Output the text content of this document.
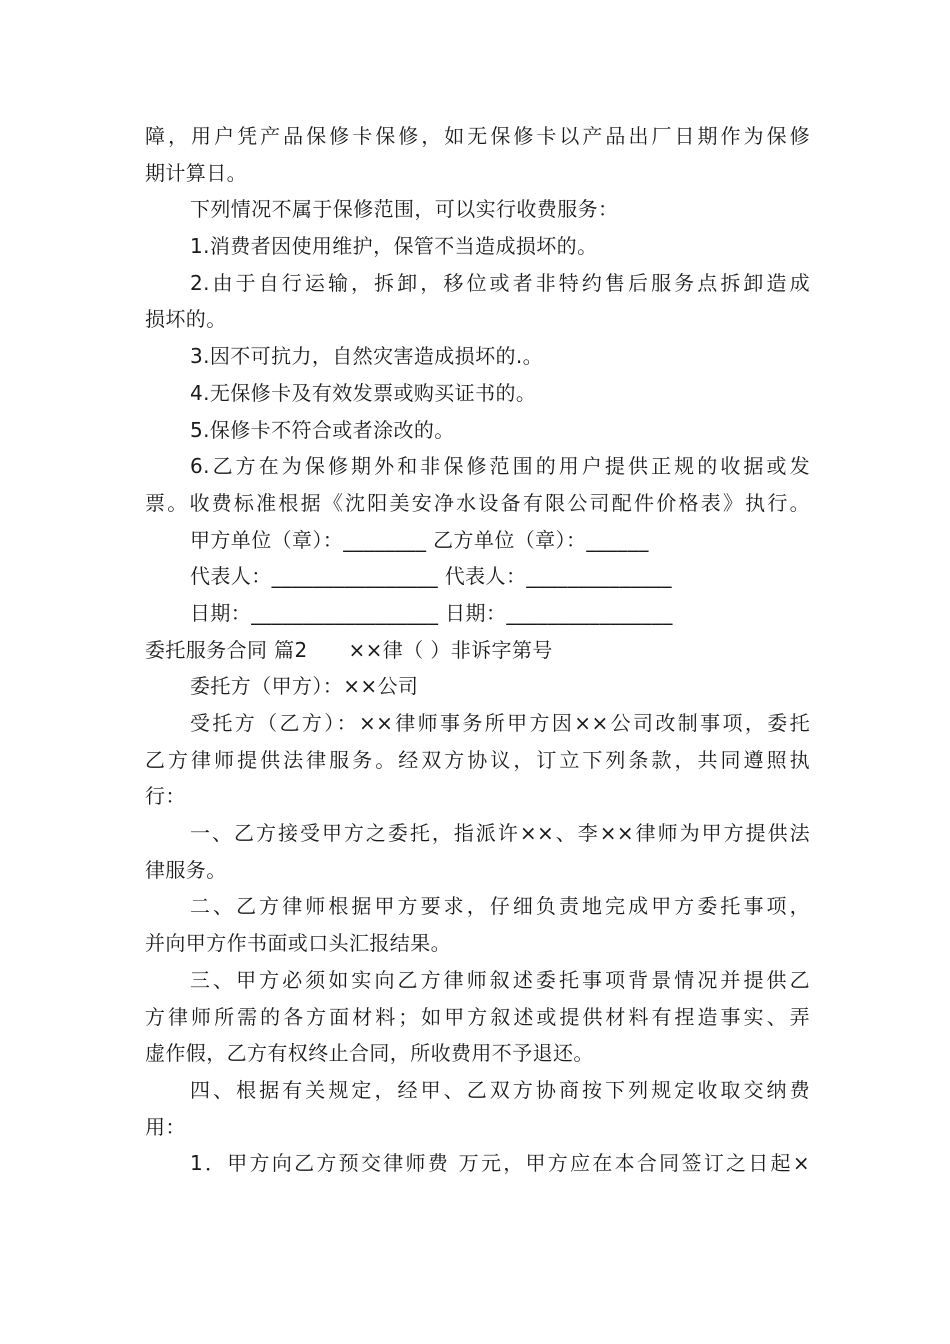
障，用户凭产品保修卡保修，如无保修卡以产品出厂日期作为保修
期计算日。
下列情况不属于保修范围，可以实行收费服务：
1.消费者因使用维护，保管不当造成损坏的。
2.由于自行运输，拆卸，移位或者非特约售后服务点拆卸造成
损坏的。
3.因不可抗力，自然灾害造成损坏的.。
4.无保修卡及有效发票或购买证书的。
5.保修卡不符合或者涂改的。
6.乙方在为保修期外和非保修范围的用户提供正规的收据或发
票。收费标准根据《沈阳美安净水设备有限公司配件价格表》执行。
甲方单位（章）：________ 乙方单位（章）：______
代表人：________________ 代表人：______________
日期：__________________ 日期：________________
委托服务合同 篇2　　××律（ ）非诉字第号
委托方（甲方）：××公司
受托方（乙方）：××律师事务所甲方因××公司改制事项，委托
乙方律师提供法律服务。经双方协议，订立下列条款，共同遵照执
行：
一、乙方接受甲方之委托，指派许××、李××律师为甲方提供法
律服务。
二、乙方律师根据甲方要求，仔细负责地完成甲方委托事项，
并向甲方作书面或口头汇报结果。
三、甲方必须如实向乙方律师叙述委托事项背景情况并提供乙
方律师所需的各方面材料；如甲方叙述或提供材料有捏造事实、弄
虚作假，乙方有权终止合同，所收费用不予退还。
四、根据有关规定，经甲、乙双方协商按下列规定收取交纳费
用：
1．甲方向乙方预交律师费 万元，甲方应在本合同签订之日起×
